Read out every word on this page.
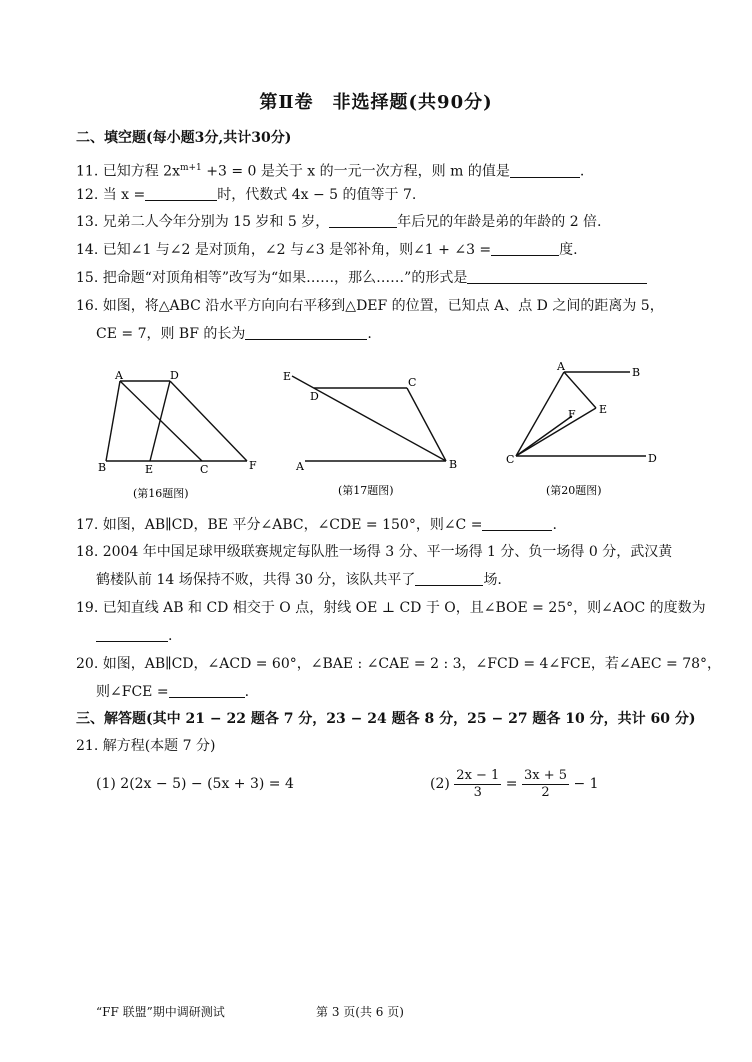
第Ⅱ卷　非选择题(共90分)
二、填空题(每小题3分,共计30分)
11. 已知方程 $2x^{m+1} +3 = 0$ 是关于 x 的一元一次方程，则 m 的值是	.
12. 当 x =	时，代数式 4x − 5 的值等于 7.
13. 兄弟二人今年分别为 15 岁和 5 岁，	年后兄的年龄是弟的年龄的 2 倍.
14. 已知∠1 与∠2 是对顶角，∠2 与∠3 是邻补角，则∠1 + ∠3 =	度.
15. 把命题“对顶角相等”改写为“如果……，那么……”的形式是
16. 如图，将△ABC 沿水平方向向右平移到△DEF 的位置，已知点 A、点 D 之间的距离为 5，
CE = 7，则 BF 的长为	.
A	D
B	E	C	F
(第16题图)
E
D
C
A	B
(第17题图)
A	B
F E
C	D
(第20题图)
17. 如图，AB∥CD，BE 平分∠ABC，∠CDE = 150°，则∠C =	.
18. 2004 年中国足球甲级联赛规定每队胜一场得 3 分、平一场得 1 分、负一场得 0 分，武汉黄
鹤楼队前 14 场保持不败，共得 30 分，该队共平了	场.
19. 已知直线 AB 和 CD 相交于 O 点，射线 OE ⊥ CD 于 O，且∠BOE = 25°，则∠AOC 的度数为
.
20. 如图，AB∥CD，∠ACD = 60°，∠BAE : ∠CAE = 2 : 3，∠FCD = 4∠FCE，若∠AEC = 78°，
则∠FCE =	.
三、解答题(其中 21 − 22 题各 7 分，23 − 24 题各 8 分，25 − 27 题各 10 分，共计 60 分)
21. 解方程(本题 7 分)
(1) 2(2x − 5) − (5x + 3) = 4	$(2) \frac{2x - 1}{3} = \frac{3x + 5}{2} - 1$
“FF 联盟”期中调研测试	第 3 页(共 6 页)
